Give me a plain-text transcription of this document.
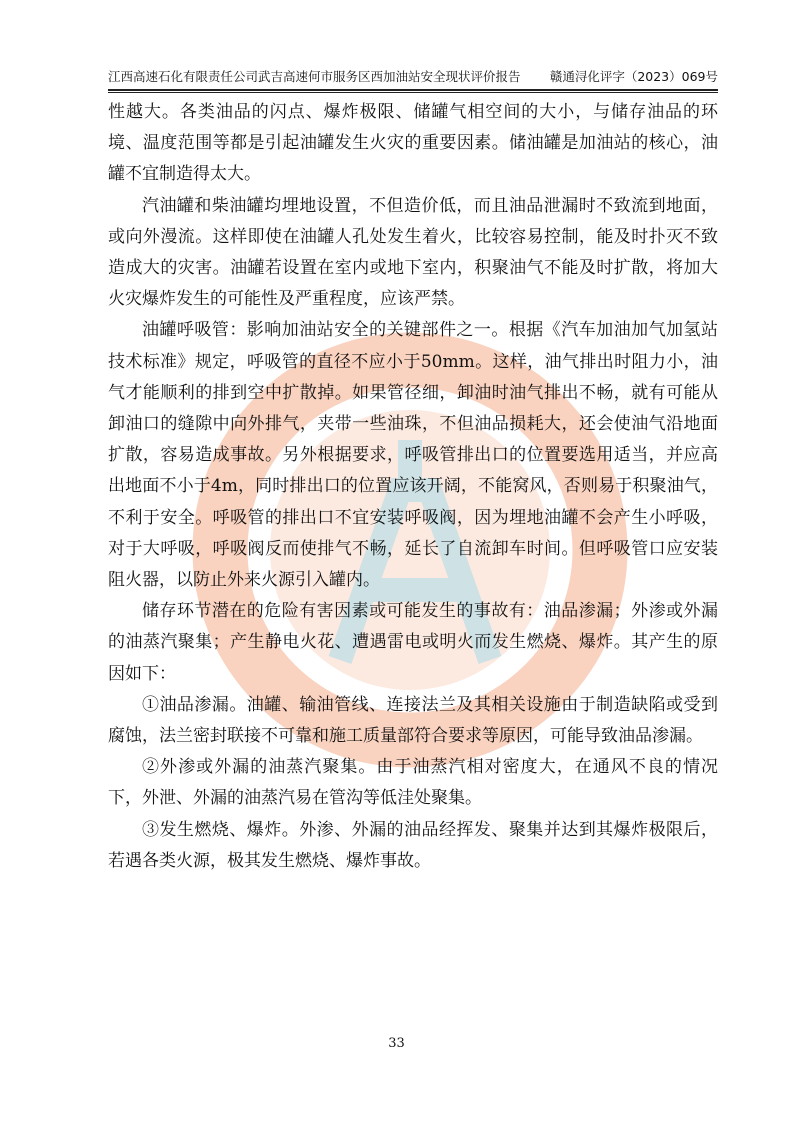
江西高速石化有限责任公司武吉高速何市服务区西加油站安全现状评价报告 赣通浔化评字（2023）069号

性越大。各类油品的闪点、爆炸极限、储罐气相空间的大小，与储存油品的环境、温度范围等都是引起油罐发生火灾的重要因素。储油罐是加油站的核心，油罐不宜制造得太大。

汽油罐和柴油罐均埋地设置，不但造价低，而且油品泄漏时不致流到地面，或向外漫流。这样即使在油罐人孔处发生着火，比较容易控制，能及时扑灭不致造成大的灾害。油罐若设置在室内或地下室内，积聚油气不能及时扩散，将加大火灾爆炸发生的可能性及严重程度，应该严禁。

油罐呼吸管：影响加油站安全的关键部件之一。根据《汽车加油加气加氢站技术标准》规定，呼吸管的直径不应小于50mm。这样，油气排出时阻力小，油气才能顺利的排到空中扩散掉。如果管径细，卸油时油气排出不畅，就有可能从卸油口的缝隙中向外排气，夹带一些油珠，不但油品损耗大，还会使油气沿地面扩散，容易造成事故。另外根据要求，呼吸管排出口的位置要选用适当，并应高出地面不小于4m，同时排出口的位置应该开阔，不能窝风，否则易于积聚油气，不利于安全。呼吸管的排出口不宜安装呼吸阀，因为埋地油罐不会产生小呼吸，对于大呼吸，呼吸阀反而使排气不畅，延长了自流卸车时间。但呼吸管口应安装阻火器，以防止外来火源引入罐内。

储存环节潜在的危险有害因素或可能发生的事故有：油品渗漏；外渗或外漏的油蒸汽聚集；产生静电火花、遭遇雷电或明火而发生燃烧、爆炸。其产生的原因如下：

①油品渗漏。油罐、输油管线、连接法兰及其相关设施由于制造缺陷或受到腐蚀，法兰密封联接不可靠和施工质量部符合要求等原因，可能导致油品渗漏。

②外渗或外漏的油蒸汽聚集。由于油蒸汽相对密度大，在通风不良的情况下，外泄、外漏的油蒸汽易在管沟等低洼处聚集。

③发生燃烧、爆炸。外渗、外漏的油品经挥发、聚集并达到其爆炸极限后，若遇各类火源，极其发生燃烧、爆炸事故。

33
